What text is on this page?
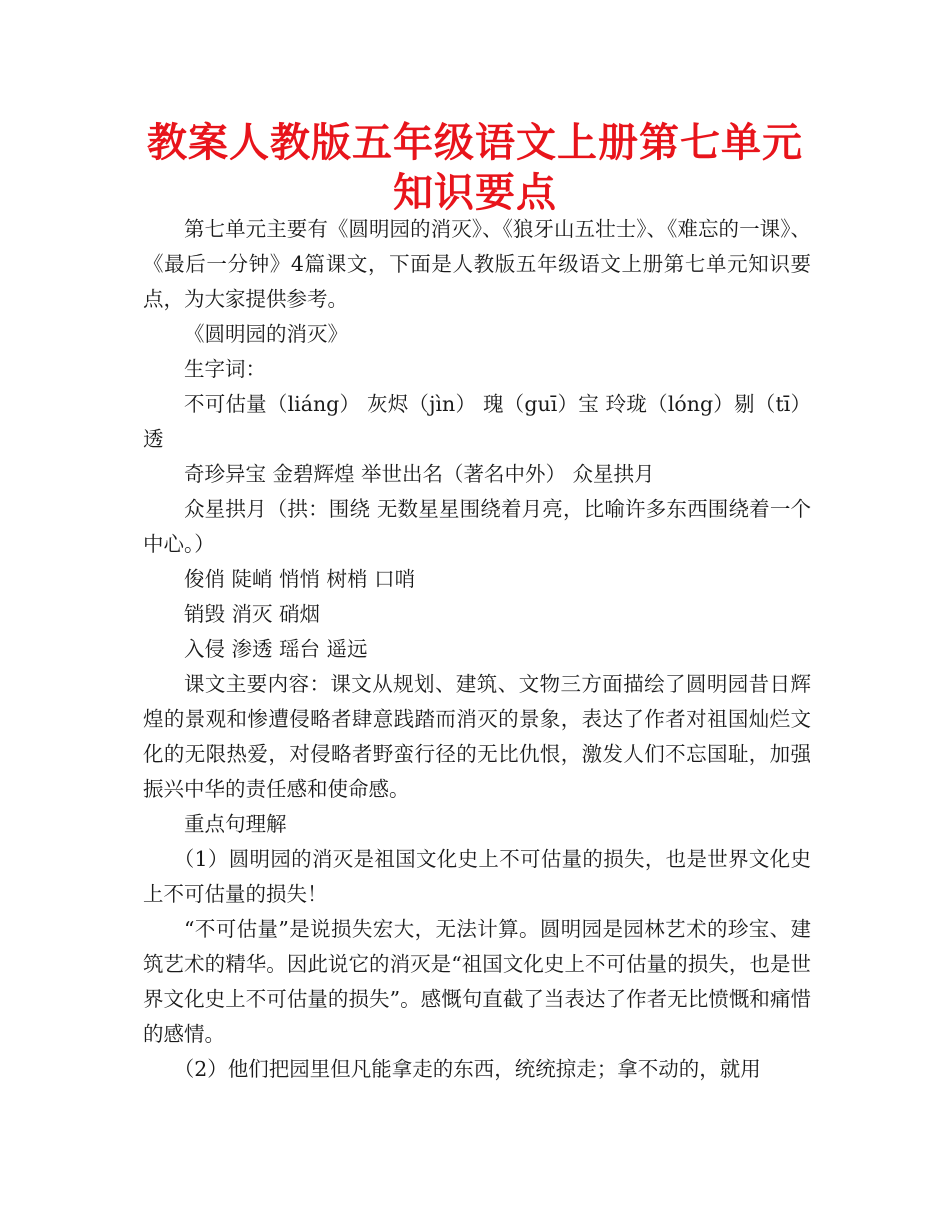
教案人教版五年级语文上册第七单元知识要点

第七单元主要有《圆明园的消灭》、《狼牙山五壮士》、《难忘的一课》、《最后一分钟》4篇课文，下面是人教版五年级语文上册第七单元知识要点，为大家提供参考。

《圆明园的消灭》

生字词：

不可估量（liáng） 灰烬（jìn） 瑰（guī）宝 玲珑（lóng）剔（tī）透

奇珍异宝 金碧辉煌 举世出名（著名中外） 众星拱月

众星拱月（拱：围绕 无数星星围绕着月亮，比喻许多东西围绕着一个中心。）

俊俏 陡峭 悄悄 树梢 口哨

销毁 消灭 硝烟

入侵 渗透 瑶台 遥远

课文主要内容：课文从规划、建筑、文物三方面描绘了圆明园昔日辉煌的景观和惨遭侵略者肆意践踏而消灭的景象，表达了作者对祖国灿烂文化的无限热爱，对侵略者野蛮行径的无比仇恨，激发人们不忘国耻，加强振兴中华的责任感和使命感。

重点句理解

（1）圆明园的消灭是祖国文化史上不可估量的损失，也是世界文化史上不可估量的损失！

“不可估量”是说损失宏大，无法计算。圆明园是园林艺术的珍宝、建筑艺术的精华。因此说它的消灭是“祖国文化史上不可估量的损失，也是世界文化史上不可估量的损失”。感慨句直截了当表达了作者无比愤慨和痛惜的感情。

（2）他们把园里但凡能拿走的东西，统统掠走；拿不动的，就用
